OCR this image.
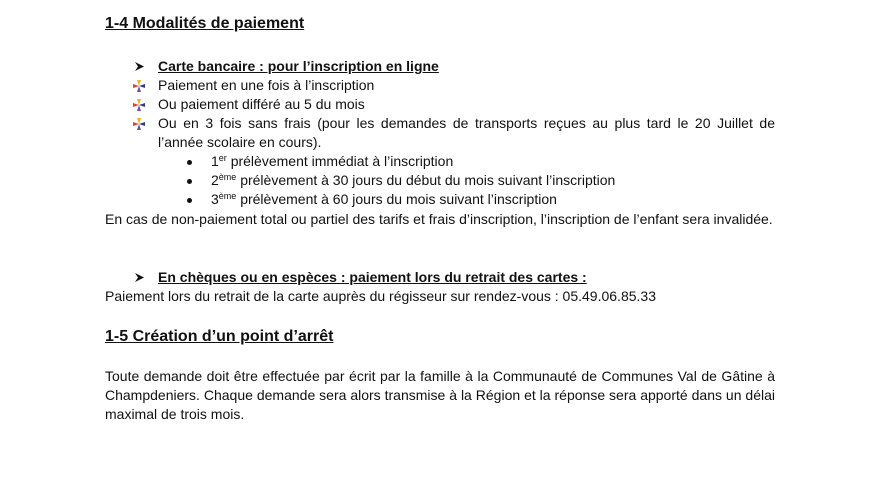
1-4 Modalités de paiement
Carte bancaire : pour l’inscription en ligne
Paiement en une fois à l’inscription
Ou paiement différé au 5 du mois
Ou en 3 fois sans frais (pour les demandes de transports reçues au plus tard le 20 Juillet de l’année scolaire en cours).
1er prélèvement immédiat à l’inscription
2ème prélèvement à 30 jours du début du mois suivant l’inscription
3ème prélèvement à 60 jours du mois suivant l’inscription
En cas de non-paiement total ou partiel des tarifs et frais d’inscription, l’inscription de l’enfant sera invalidée.
En chèques ou en espèces : paiement lors du retrait des cartes :
Paiement lors du retrait de la carte auprès du régisseur sur rendez-vous : 05.49.06.85.33
1-5 Création d’un point d’arrêt
Toute demande doit être effectuée par écrit par la famille à la Communauté de Communes Val de Gâtine à Champdeniers. Chaque demande sera alors transmise à la Région et la réponse sera apporté dans un délai maximal de trois mois.
